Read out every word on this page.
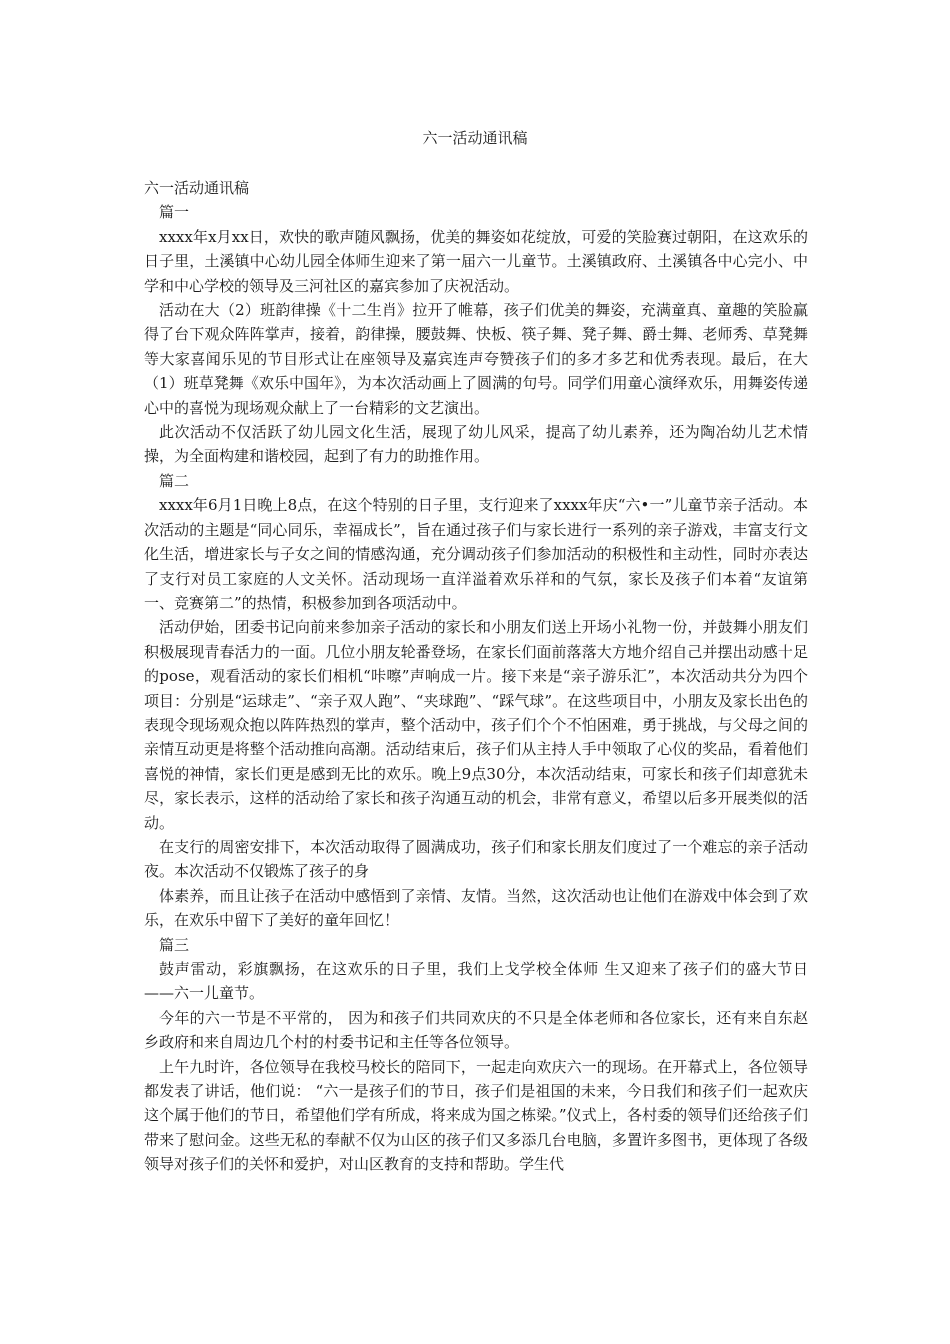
六一活动通讯稿

六一活动通讯稿

篇一

xxxx年x月xx日，欢快的歌声随风飘扬，优美的舞姿如花绽放，可爱的笑脸赛过朝阳，在这欢乐的日子里，土溪镇中心幼儿园全体师生迎来了第一届六一儿童节。土溪镇政府、土溪镇各中心完小、中学和中心学校的领导及三河社区的嘉宾参加了庆祝活动。

活动在大（2）班韵律操《十二生肖》拉开了帷幕，孩子们优美的舞姿，充满童真、童趣的笑脸赢得了台下观众阵阵掌声，接着，韵律操，腰鼓舞、快板、筷子舞、凳子舞、爵士舞、老师秀、草凳舞等大家喜闻乐见的节目形式让在座领导及嘉宾连声夸赞孩子们的多才多艺和优秀表现。最后，在大（1）班草凳舞《欢乐中国年》，为本次活动画上了圆满的句号。同学们用童心演绎欢乐，用舞姿传递心中的喜悦为现场观众献上了一台精彩的文艺演出。

此次活动不仅活跃了幼儿园文化生活，展现了幼儿风采，提高了幼儿素养，还为陶冶幼儿艺术情操，为全面构建和谐校园，起到了有力的助推作用。

篇二

xxxx年6月1日晚上8点，在这个特别的日子里，支行迎来了xxxx年庆“六•一”儿童节亲子活动。本次活动的主题是“同心同乐，幸福成长”，旨在通过孩子们与家长进行一系列的亲子游戏，丰富支行文化生活，增进家长与子女之间的情感沟通，充分调动孩子们参加活动的积极性和主动性，同时亦表达了支行对员工家庭的人文关怀。活动现场一直洋溢着欢乐祥和的气氛，家长及孩子们本着“友谊第一、竞赛第二”的热情，积极参加到各项活动中。

活动伊始，团委书记向前来参加亲子活动的家长和小朋友们送上开场小礼物一份，并鼓舞小朋友们积极展现青春活力的一面。几位小朋友轮番登场，在家长们面前落落大方地介绍自己并摆出动感十足的pose，观看活动的家长们相机“咔嚓”声响成一片。接下来是“亲子游乐汇”，本次活动共分为四个项目：分别是“运球走”、“亲子双人跑”、“夹球跑”、“踩气球”。在这些项目中，小朋友及家长出色的表现令现场观众抱以阵阵热烈的掌声，整个活动中，孩子们个个不怕困难，勇于挑战，与父母之间的亲情互动更是将整个活动推向高潮。活动结束后，孩子们从主持人手中领取了心仪的奖品，看着他们喜悦的神情，家长们更是感到无比的欢乐。晚上9点30分，本次活动结束，可家长和孩子们却意犹未尽，家长表示，这样的活动给了家长和孩子沟通互动的机会，非常有意义，希望以后多开展类似的活动。

在支行的周密安排下，本次活动取得了圆满成功，孩子们和家长朋友们度过了一个难忘的亲子活动夜。本次活动不仅锻炼了孩子的身

体素养，而且让孩子在活动中感悟到了亲情、友情。当然，这次活动也让他们在游戏中体会到了欢乐，在欢乐中留下了美好的童年回忆！

篇三

鼓声雷动，彩旗飘扬，在这欢乐的日子里，我们上戈学校全体师 生又迎来了孩子们的盛大节日——六一儿童节。

今年的六一节是不平常的， 因为和孩子们共同欢庆的不只是全体老师和各位家长，还有来自东赵乡政府和来自周边几个村的村委书记和主任等各位领导。

上午九时许，各位领导在我校马校长的陪同下，一起走向欢庆六一的现场。在开幕式上，各位领导都发表了讲话，他们说： “六一是孩子们的节日，孩子们是祖国的未来，今日我们和孩子们一起欢庆这个属于他们的节日，希望他们学有所成，将来成为国之栋梁。”仪式上，各村委的领导们还给孩子们带来了慰问金。这些无私的奉献不仅为山区的孩子们又多添几台电脑，多置许多图书，更体现了各级领导对孩子们的关怀和爱护，对山区教育的支持和帮助。学生代
